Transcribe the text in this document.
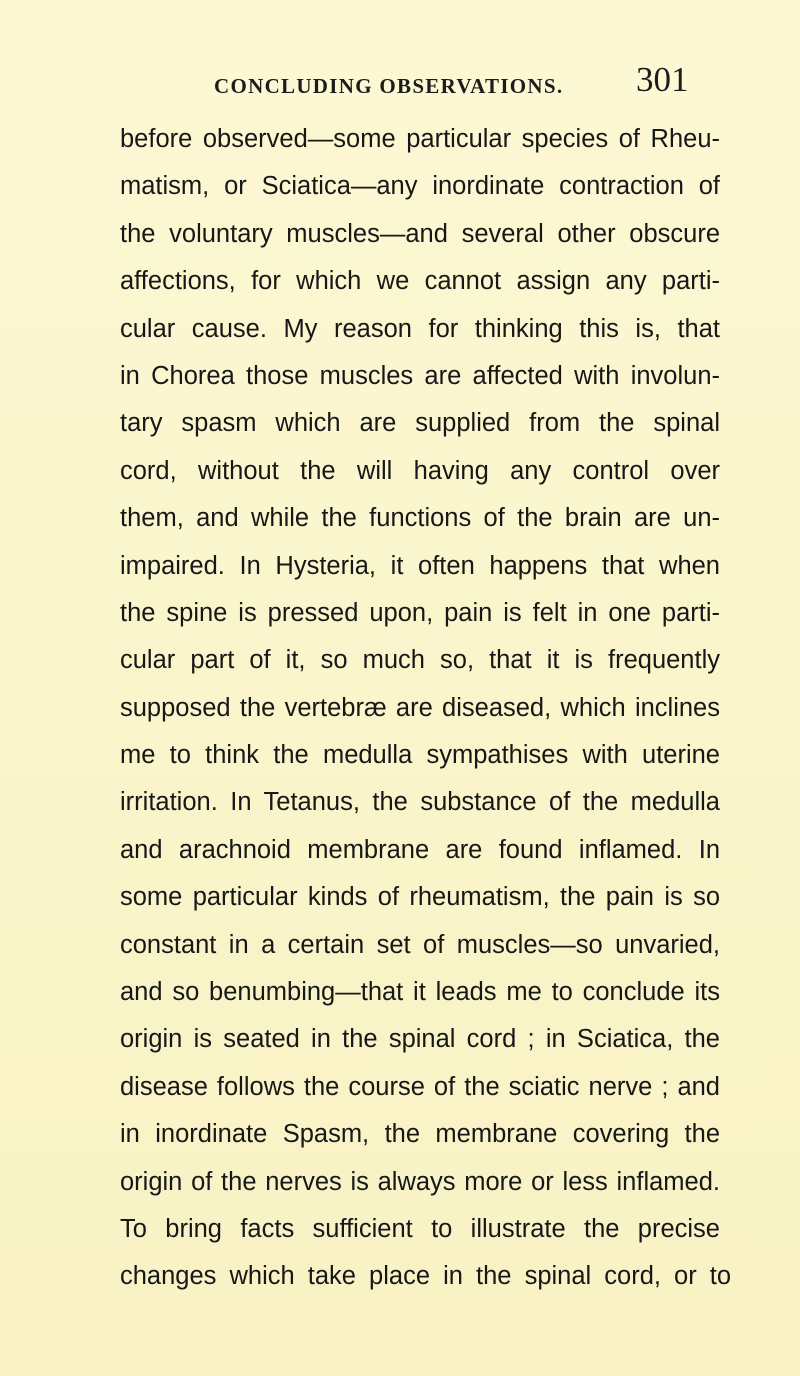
CONCLUDING OBSERVATIONS. 301
before observed—some particular species of Rheu-
matism, or Sciatica—any inordinate contraction of
the voluntary muscles—and several other obscure
affections, for which we cannot assign any parti-
cular cause. My reason for thinking this is, that
in Chorea those muscles are affected with involun-
tary spasm which are supplied from the spinal
cord, without the will having any control over
them, and while the functions of the brain are un-
impaired. In Hysteria, it often happens that when
the spine is pressed upon, pain is felt in one parti-
cular part of it, so much so, that it is frequently
supposed the vertebræ are diseased, which inclines
me to think the medulla sympathises with uterine
irritation. In Tetanus, the substance of the medulla
and arachnoid membrane are found inflamed. In
some particular kinds of rheumatism, the pain is so
constant in a certain set of muscles—so unvaried,
and so benumbing—that it leads me to conclude its
origin is seated in the spinal cord ; in Sciatica, the
disease follows the course of the sciatic nerve ; and
in inordinate Spasm, the membrane covering the
origin of the nerves is always more or less inflamed.
To bring facts sufficient to illustrate the precise
changes which take place in the spinal cord, or to
